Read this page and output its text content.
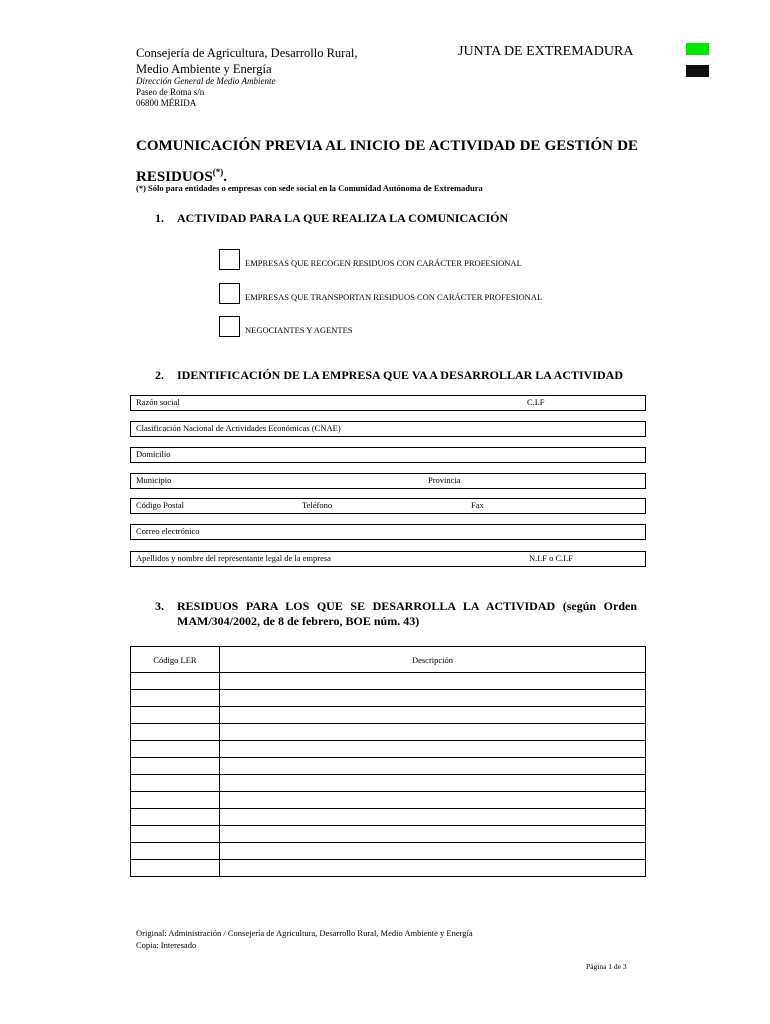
Consejería de Agricultura, Desarrollo Rural,
Medio Ambiente y Energía
JUNTA DE EXTREMADURA
Dirección General de Medio Ambiente
Paseo de Roma s/n
06800 MÉRIDA
COMUNICACIÓN PREVIA AL INICIO DE ACTIVIDAD DE GESTIÓN DE RESIDUOS(*).
(*) Sólo para entidades o empresas con sede social en la Comunidad Autónoma de Extremadura
1. ACTIVIDAD PARA LA QUE REALIZA LA COMUNICACIÓN
EMPRESAS QUE RECOGEN RESIDUOS CON CARÁCTER PROFESIONAL
EMPRESAS QUE TRANSPORTAN RESIDUOS CON CARÁCTER PROFESIONAL
NEGOCIANTES Y AGENTES
2. IDENTIFICACIÓN DE LA EMPRESA QUE VA A DESARROLLAR LA ACTIVIDAD
Razón social	C.I.F
Clasificación Nacional de Actividades Económicas (CNAE)
Domicilio
Municipio	Provincia
Código Postal	Teléfono	Fax
Correo electrónico
Apellidos y nombre del representante legal de la empresa	N.I.F o C.I.F
3. RESIDUOS PARA LOS QUE SE DESARROLLA LA ACTIVIDAD (según Orden MAM/304/2002, de 8 de febrero, BOE núm. 43)
Código LER	Descripción

Original: Administración / Consejería de Agricultura, Desarrollo Rural, Medio Ambiente y Energía
Copia: Interesado
Página 1 de 3
